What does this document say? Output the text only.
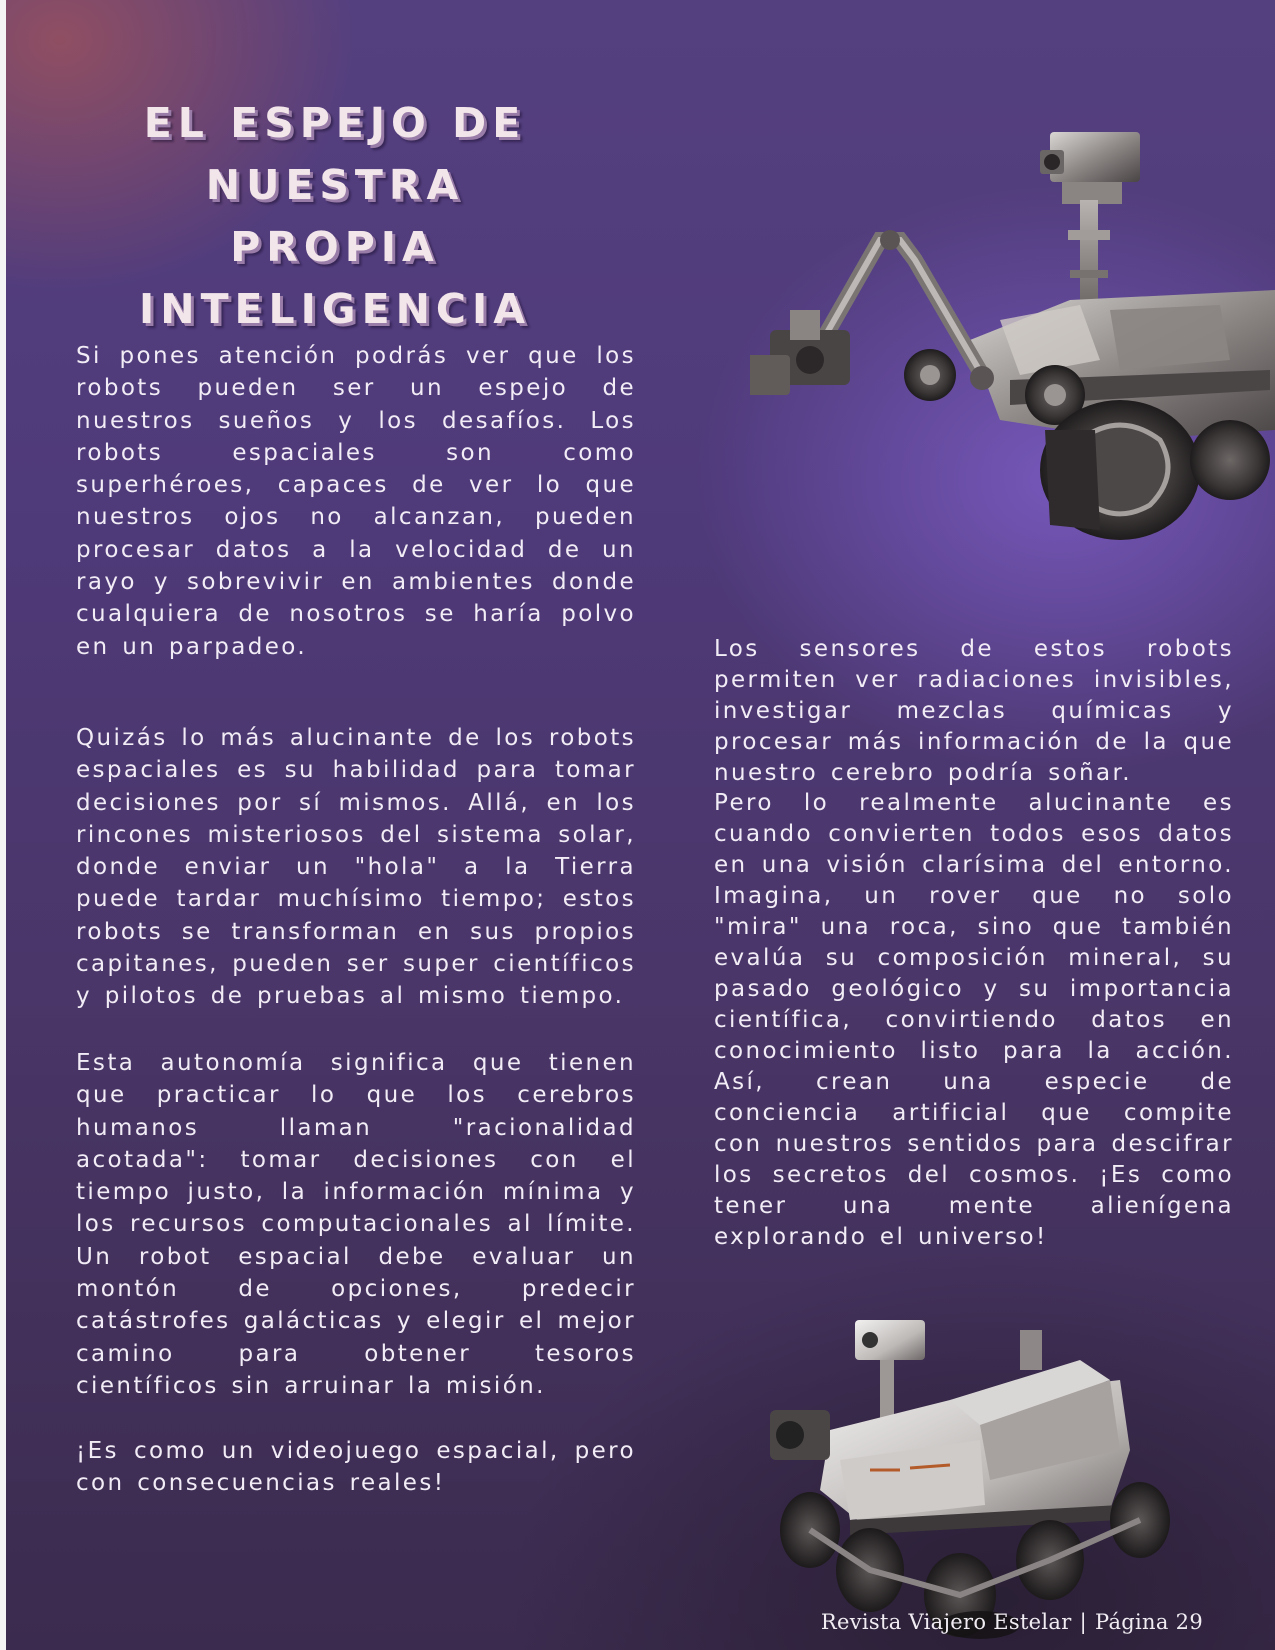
EL ESPEJO DE
NUESTRA PROPIA
INTELIGENCIA

Si pones atención podrás ver que los robots pueden ser un espejo de nuestros sueños y los desafíos. Los robots espaciales son como superhéroes, capaces de ver lo que nuestros ojos no alcanzan, pueden procesar datos a la velocidad de un rayo y sobrevivir en ambientes donde cualquiera de nosotros se haría polvo en un parpadeo.

Quizás lo más alucinante de los robots espaciales es su habilidad para tomar decisiones por sí mismos. Allá, en los rincones misteriosos del sistema solar, donde enviar un "hola" a la Tierra puede tardar muchísimo tiempo; estos robots se transforman en sus propios capitanes, pueden ser super científicos y pilotos de pruebas al mismo tiempo.

Esta autonomía significa que tienen que practicar lo que los cerebros humanos llaman "racionalidad acotada": tomar decisiones con el tiempo justo, la información mínima y los recursos computacionales al límite. Un robot espacial debe evaluar un montón de opciones, predecir catástrofes galácticas y elegir el mejor camino para obtener tesoros científicos sin arruinar la misión.

¡Es como un videojuego espacial, pero con consecuencias reales!

Los sensores de estos robots permiten ver radiaciones invisibles, investigar mezclas químicas y procesar más información de la que nuestro cerebro podría soñar.

Pero lo realmente alucinante es cuando convierten todos esos datos en una visión clarísima del entorno. Imagina, un rover que no solo "mira" una roca, sino que también evalúa su composición mineral, su pasado geológico y su importancia científica, convirtiendo datos en conocimiento listo para la acción. Así, crean una especie de conciencia artificial que compite con nuestros sentidos para descifrar los secretos del cosmos. ¡Es como tener una mente alienígena explorando el universo!

Revista Viajero Estelar | Página 29
